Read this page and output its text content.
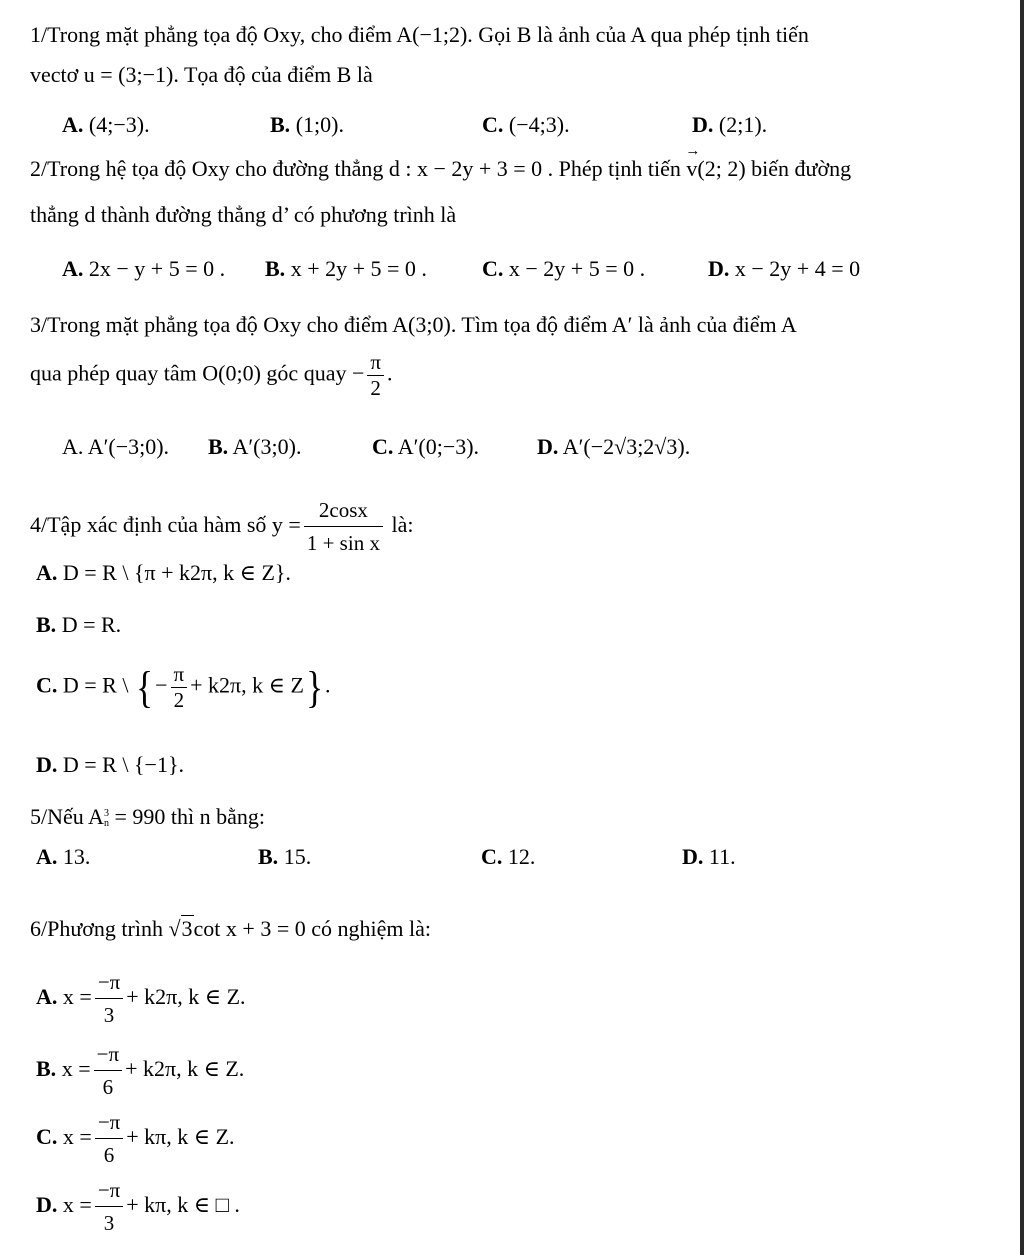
1/Trong mặt phẳng tọa độ Oxy, cho điểm A(−1;2). Gọi B là ảnh của A qua phép tịnh tiến
vectơ u = (3;−1). Tọa độ của điểm B là
A. (4;−3).	B. (1;0).	C. (−4;3).	D. (2;1).
2/Trong hệ tọa độ Oxy cho đường thẳng d : x − 2y + 3 = 0 . Phép tịnh tiến → v(2; 2) biến đường
thẳng d thành đường thẳng d’ có phương trình là
A. 2x − y + 5 = 0 . B. x + 2y + 5 = 0 .	C. x − 2y + 5 = 0 .	D. x − 2y + 4 = 0
3/Trong mặt phẳng tọa độ Oxy cho điểm A(3;0). Tìm tọa độ điểm A′ là ảnh của điểm A
qua phép quay tâm O(0;0) góc quay − $\frac{\pi}{2}$ .
A. A′(−3;0). B. A′(3;0).	C. A′(0;−3).	D. A′(−2√3;2√3).
4/Tập xác định của hàm số $y = \frac{2\cos x}{\text{1 + sin x}}$ là:
A. D = R \ {π + k2π, k ∈ Z}.
B. D = R.
C. D = R \ {− $\frac{\pi}{2} + k2\pi$, k ∈ Z}.
D. D = R \ {−1}.
5/Nếu A 3
n = 990 thì n bằng:
A. 13.	B. 15.	C. 12.	D. 11.
6/Phương trình √3cot x + 3 = 0 có nghiệm là:
A. $x = \frac{-\pi}{3} + k2\pi$, k ∈ Z.
B. $x = \frac{-\pi}{6} + k2\pi$, k ∈ Z.
C. $x = \frac{-\pi}{6} + k\pi$, k ∈ Z.
D. $x = \frac{-\pi}{3} + k\pi$, k ∈ □ .
